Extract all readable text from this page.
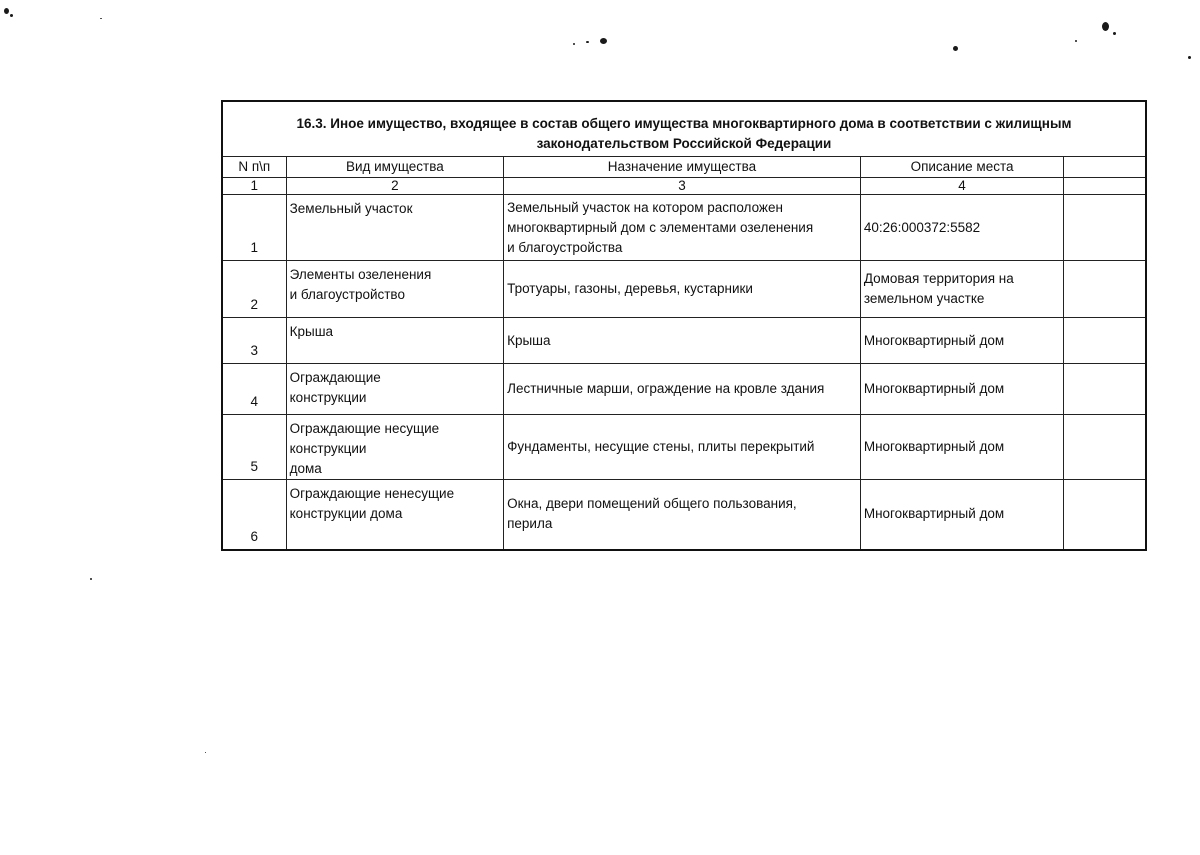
16.3. Иное имущество, входящее в состав общего имущества многоквартирного дома в соответствии с жилищным
законодательством Российской Федерации				

N п\п	Вид имущества	Назначение имущества	Описание места	
1	2	3	4	

1	Земельный участок	Земельный участок на котором расположен
многоквартирный дом с элементами озеленения
и благоустройства	40:26:000372:5582	

2	Элементы озеленения
и благоустройство	Тротуары, газоны, деревья, кустарники	Домовая территория на
земельном участке	

3	Крыша	Крыша	Многоквартирный дом	

4	Ограждающие
конструкции	Лестничные марши, ограждение на кровле здания	Многоквартирный дом	

5	Ограждающие несущие
конструкции
дома	Фундаменты, несущие стены, плиты перекрытий	Многоквартирный дом	

6	Ограждающие ненесущие
конструкции дома	Окна, двери помещений общего пользования,
перила	Многоквартирный дом	
